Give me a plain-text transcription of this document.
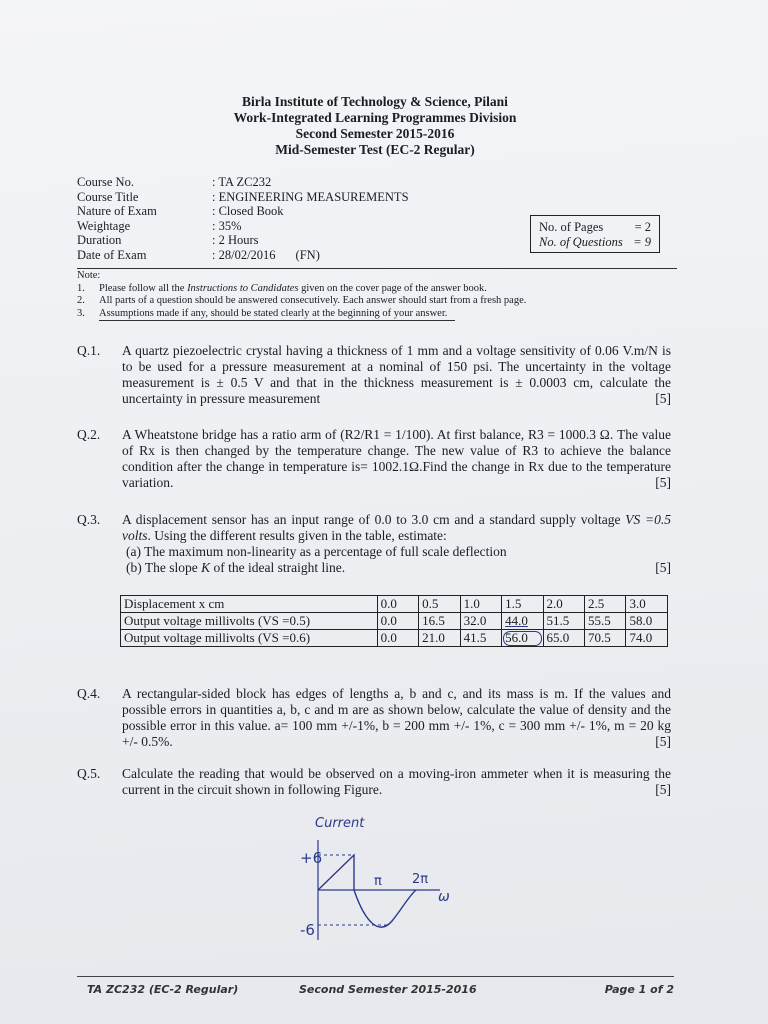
Birla Institute of Technology & Science, Pilani
Work-Integrated Learning Programmes Division
Second Semester 2015-2016
Mid-Semester Test (EC-2 Regular)
Course No.	: TA ZC232
Course Title	: ENGINEERING MEASUREMENTS
Nature of Exam	: Closed Book
Weightage	: 35%
Duration	: 2 Hours
Date of Exam	: 28/02/2016 (FN)
No. of Pages	= 2
No. of Questions = 9
Note:
1.	Please follow all the Instructions to Candidates given on the cover page of the answer book.
2.	All parts of a question should be answered consecutively. Each answer should start from a fresh page.
3.	Assumptions made if any, should be stated clearly at the beginning of your answer.
Q.1.	A quartz piezoelectric crystal having a thickness of 1 mm and a voltage sensitivity of 0.06 V.m/N is to be used for a pressure measurement at a nominal of 150 psi. The uncertainty in the voltage measurement is ± 0.5 V and that in the thickness measurement is ± 0.0003 cm, calculate the uncertainty in pressure measurement	[5]
Q.2.	A Wheatstone bridge has a ratio arm of (R2/R1 = 1/100). At first balance, R3 = 1000.3 Ω. The value of Rx is then changed by the temperature change. The new value of R3 to achieve the balance condition after the change in temperature is= 1002.1Ω.Find the change in Rx due to the temperature variation.	[5]
Q.3.	A displacement sensor has an input range of 0.0 to 3.0 cm and a standard supply voltage VS =0.5 volts. Using the different results given in the table, estimate:
(a) The maximum non-linearity as a percentage of full scale deflection
(b) The slope K of the ideal straight line.	[5]
Displacement x cm	0.0	0.5	1.0	1.5	2.0	2.5	3.0
Output voltage millivolts (VS =0.5)	0.0	16.5	32.0	44.0	51.5	55.5	58.0
Output voltage millivolts (VS =0.6)	0.0	21.0	41.5	56.0	65.0	70.5	74.0
Q.4.	A rectangular-sided block has edges of lengths a, b and c, and its mass is m. If the values and possible errors in quantities a, b, c and m are as shown below, calculate the value of density and the possible error in this value. a= 100 mm +/-1%, b = 200 mm +/- 1%, c = 300 mm +/- 1%, m = 20 kg +/- 0.5%.	[5]
Q.5.	Calculate the reading that would be observed on a moving-iron ammeter when it is measuring the current in the circuit shown in following Figure.	[5]
Current
+6
-6
π 2π
ω
TA ZC232 (EC-2 Regular)	Second Semester 2015-2016	Page 1 of 2
